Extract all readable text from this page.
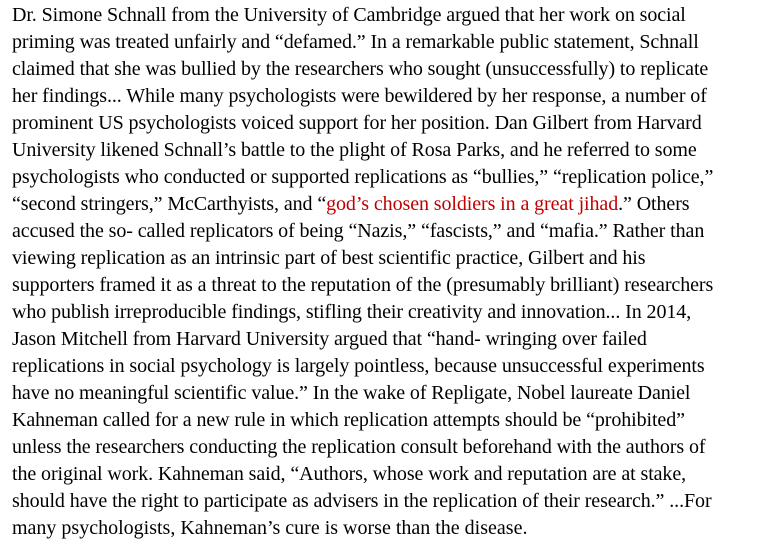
Dr. Simone Schnall from the University of Cambridge argued that her work on social
priming was treated unfairly and “defamed.” In a remarkable public statement, Schnall
claimed that she was bullied by the researchers who sought (unsuccessfully) to replicate
her findings... While many psychologists were bewildered by her response, a number of
prominent US psychologists voiced support for her position. Dan Gilbert from Harvard
University likened Schnall’s battle to the plight of Rosa Parks, and he referred to some
psychologists who conducted or supported replications as “bullies,” “replication police,”
“second stringers,” McCarthyists, and “god’s chosen soldiers in a great jihad.” Others
accused the so- called replicators of being “Nazis,” “fascists,” and “mafia.” Rather than
viewing replication as an intrinsic part of best scientific practice, Gilbert and his
supporters framed it as a threat to the reputation of the (presumably brilliant) researchers
who publish irreproducible findings, stifling their creativity and innovation... In 2014,
Jason Mitchell from Harvard University argued that “hand- wringing over failed
replications in social psychology is largely pointless, because unsuccessful experiments
have no meaningful scientific value.” In the wake of Repligate, Nobel laureate Daniel
Kahneman called for a new rule in which replication attempts should be “prohibited”
unless the researchers conducting the replication consult beforehand with the authors of
the original work. Kahneman said, “Authors, whose work and reputation are at stake,
should have the right to participate as advisers in the replication of their research.” ...For
many psychologists, Kahneman’s cure is worse than the disease.
